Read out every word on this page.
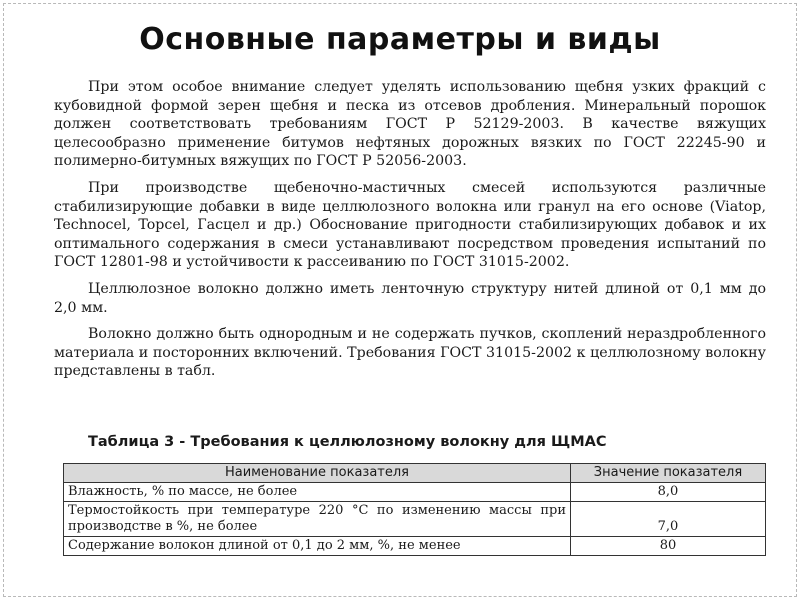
Основные параметры и виды

При этом особое внимание следует уделять использованию щебня узких фракций с кубовидной формой зерен щебня и песка из отсевов дробления. Минеральный порошок должен соответствовать требованиям ГОСТ Р 52129-2003. В качестве вяжущих целесообразно применение битумов нефтяных дорожных вязких по ГОСТ 22245-90 и полимерно-битумных вяжущих по ГОСТ Р 52056-2003.

При производстве щебеночно-мастичных смесей используются различные стабилизирующие добавки в виде целлюлозного волокна или гранул на его основе (Viatop, Technocel, Topcel, Гасцел и др.) Обоснование пригодности стабилизирующих добавок и их оптимального содержания в смеси устанавливают посредством проведения испытаний по ГОСТ 12801-98 и устойчивости к рассеиванию по ГОСТ 31015-2002.

Целлюлозное волокно должно иметь ленточную структуру нитей длиной от 0,1 мм до 2,0 мм.

Волокно должно быть однородным и не содержать пучков, скоплений нераздробленного материала и посторонних включений. Требования ГОСТ 31015-2002 к целлюлозному волокну представлены в табл.

Таблица 3 - Требования к целлюлозному волокну для ЩМАС
Наименование показателя	Значение показателя
Влажность, % по массе, не более	8,0
Термостойкость при температуре 220 °С по изменению массы при производстве в %, не более	7,0
Содержание волокон длиной от 0,1 до 2 мм, %, не менее	80
